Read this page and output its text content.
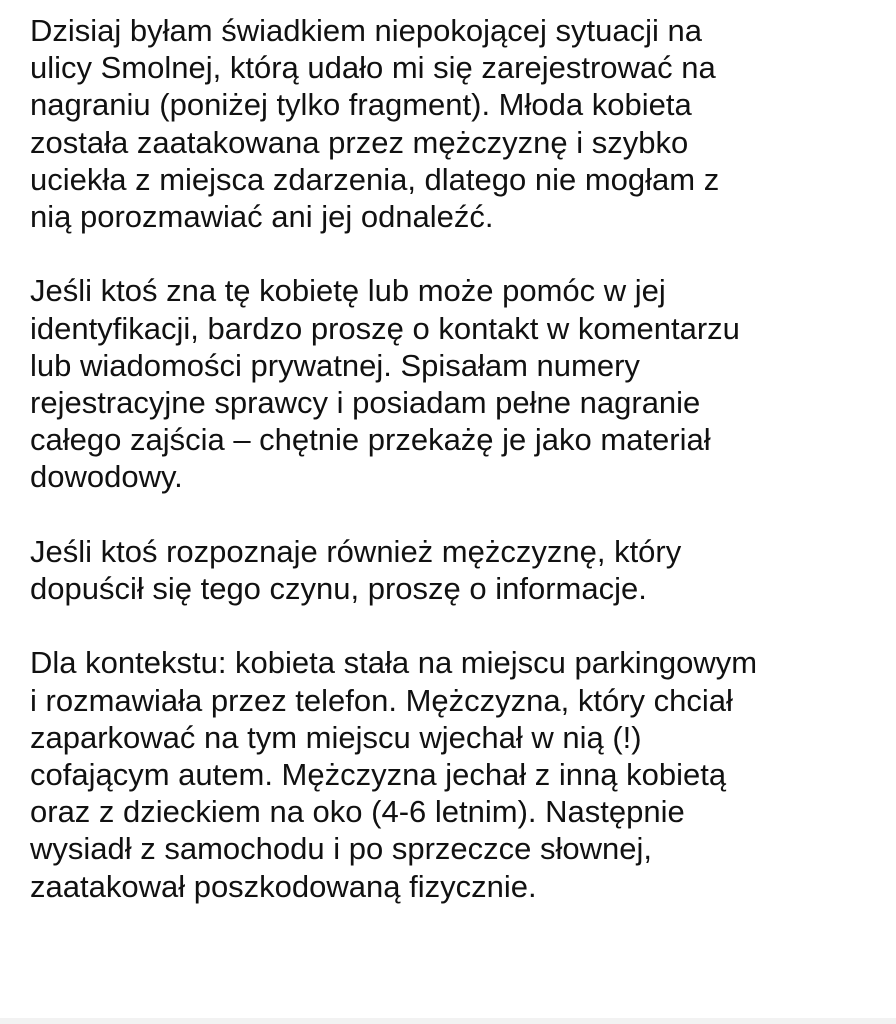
Dzisiaj byłam świadkiem niepokojącej sytuacji na
ulicy Smolnej, którą udało mi się zarejestrować na
nagraniu (poniżej tylko fragment). Młoda kobieta
została zaatakowana przez mężczyznę i szybko
uciekła z miejsca zdarzenia, dlatego nie mogłam z
nią porozmawiać ani jej odnaleźć.
Jeśli ktoś zna tę kobietę lub może pomóc w jej
identyfikacji, bardzo proszę o kontakt w komentarzu
lub wiadomości prywatnej. Spisałam numery
rejestracyjne sprawcy i posiadam pełne nagranie
całego zajścia – chętnie przekażę je jako materiał
dowodowy.
Jeśli ktoś rozpoznaje również mężczyznę, który
dopuścił się tego czynu, proszę o informacje.
Dla kontekstu: kobieta stała na miejscu parkingowym
i rozmawiała przez telefon. Mężczyzna, który chciał
zaparkować na tym miejscu wjechał w nią (!)
cofającym autem. Mężczyzna jechał z inną kobietą
oraz z dzieckiem na oko (4-6 letnim). Następnie
wysiadł z samochodu i po sprzeczce słownej,
zaatakował poszkodowaną fizycznie.
